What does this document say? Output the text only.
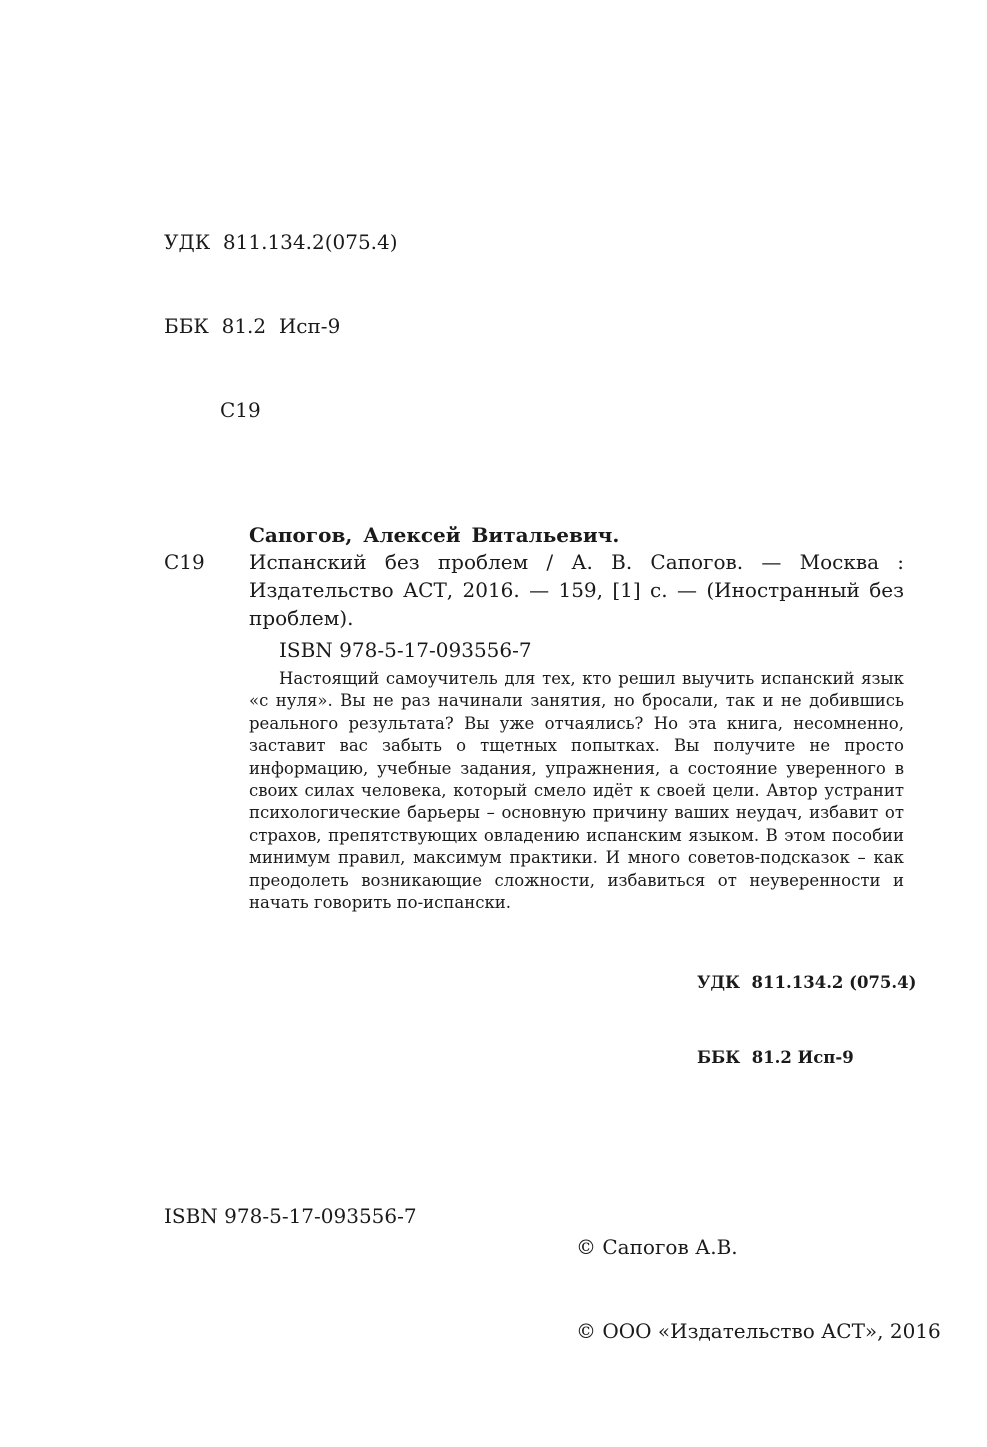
УДК  811.134.2(075.4)

ББК  81.2  Исп-9

С19

Сапогов, Алексей Витальевич.
С19 Испанский без проблем / А. В. Сапогов. — Москва : Издательство АСТ, 2016. — 159, [1] с. — (Иностранный без проблем).
ISBN 978-5-17-093556-7
Настоящий самоучитель для тех, кто решил выучить испанский язык «с нуля». Вы не раз начинали занятия, но бросали, так и не добившись реального результата? Вы уже отчаялись? Но эта книга, несомненно, заставит вас забыть о тщетных попытках. Вы получите не просто информацию, учебные задания, упражнения, а состояние уверенного в своих силах человека, который смело идёт к своей цели. Автор устранит психологические барьеры – основную причину ваших неудач, избавит от страхов, препятствующих овладению испанским языком. В этом пособии минимум правил, максимум практики. И много советов-подсказок – как преодолеть возникающие сложности, избавиться от неуверенности и начать говорить по-испански.

УДК  811.134.2 (075.4)

ББК  81.2 Исп-9

ISBN 978-5-17-093556-7

© Сапогов А.В.

© ООО «Издательство АСТ», 2016
